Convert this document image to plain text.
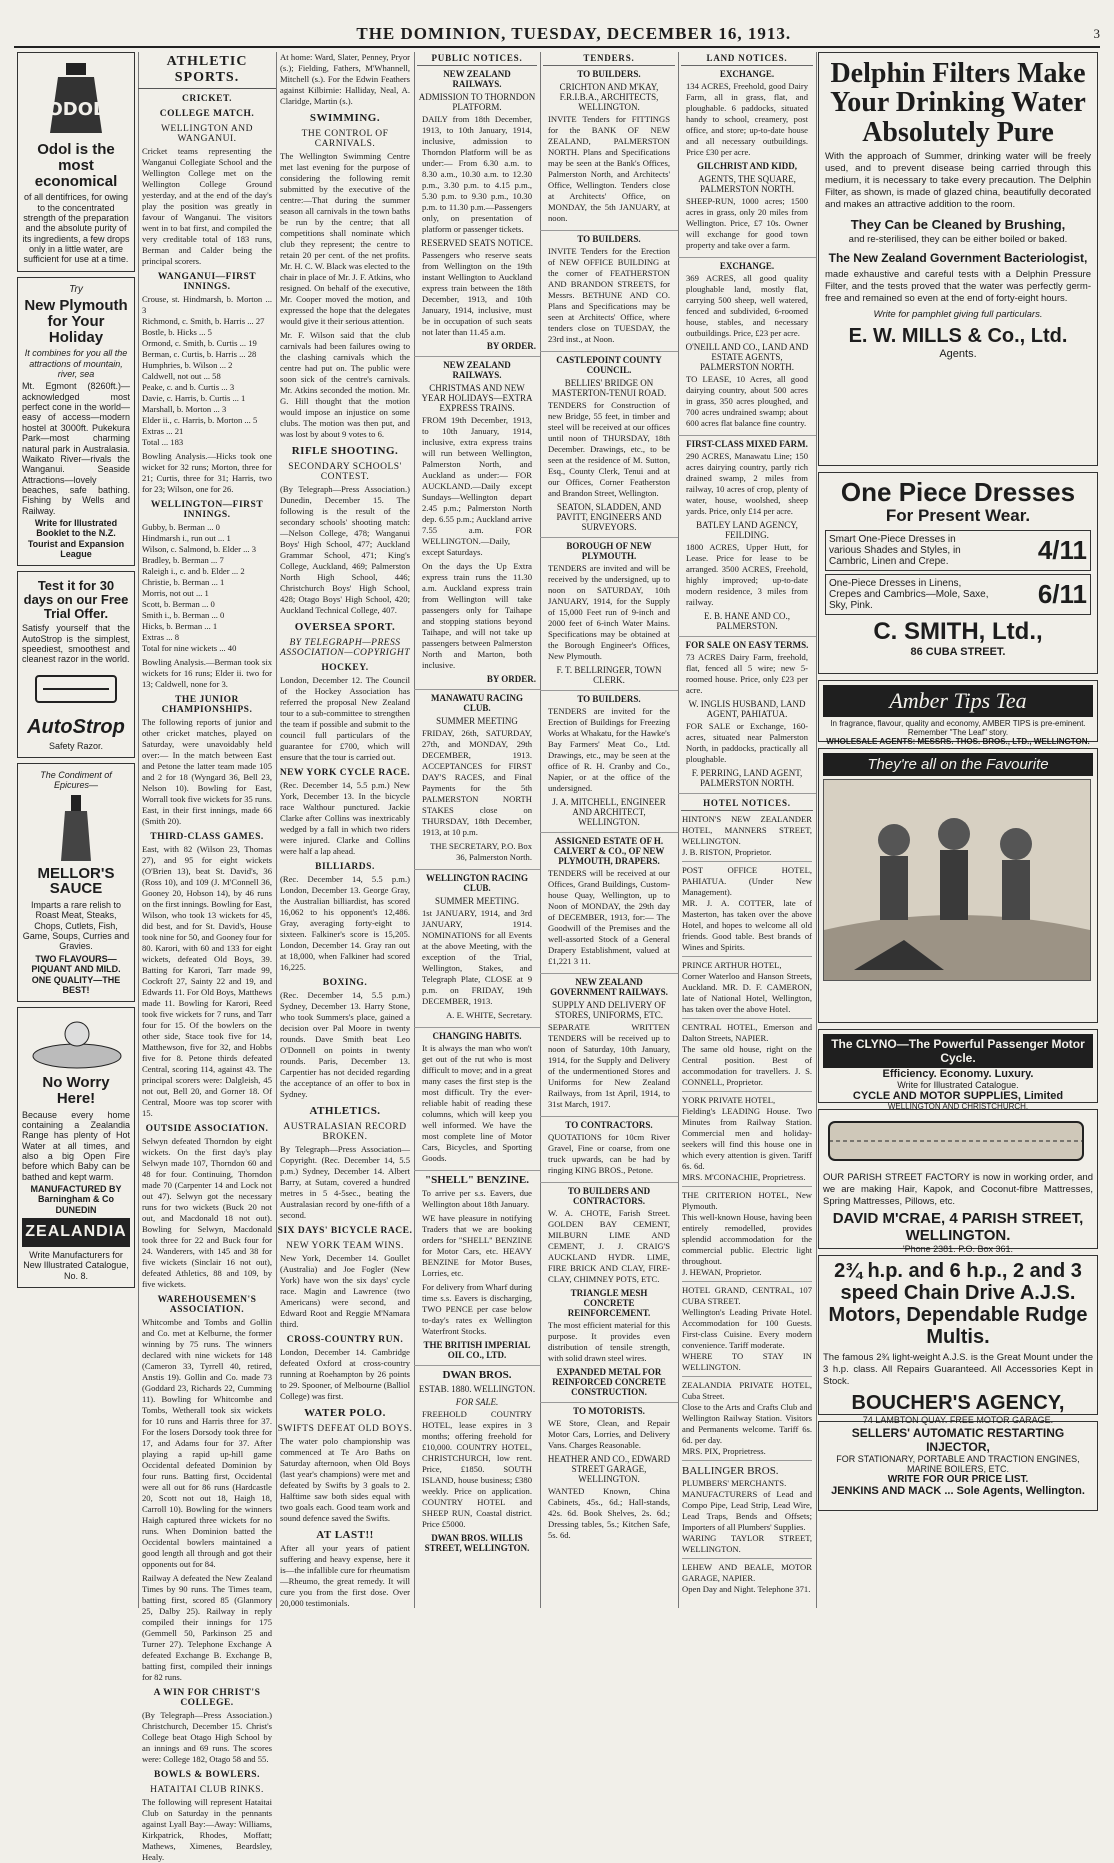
THE DOMINION, TUESDAY, DECEMBER 16, 1913.	3
ODOL
Odol is the most economical

of all dentifrices, for owing to the concentrated strength of the preparation and the absolute purity of its ingredients, a few drops only in a little water, are sufficient for use at a time.

Try

New Plymouth for Your Holiday

It combines for you all the attractions of mountain, river, sea

Mt. Egmont (8260ft.)—acknowledged most perfect cone in the world—easy of access—modern hostel at 3000ft. Pukekura Park—most charming natural park in Australasia. Waikato River—rivals the Wanganui. Seaside Attractions—lovely beaches, safe bathing. Fishing by Wells and Railway.

Write for Illustrated Booklet to the N.Z. Tourist and Expansion League

Test it for 30 days on our Free Trial Offer.

Satisfy yourself that the AutoStrop is the simplest, speediest, smoothest and cleanest razor in the world.

AutoStrop

Safety Razor.

The Condiment of Epicures—

MELLOR'S SAUCE

Imparts a rare relish to Roast Meat, Steaks, Chops, Cutlets, Fish, Game, Soups, Curries and Gravies.

TWO FLAVOURS—PIQUANT AND MILD. ONE QUALITY—THE BEST!

No Worry Here!

Because every home containing a Zealandia Range has plenty of Hot Water at all times, and also a big Open Fire before which Baby can be bathed and kept warm.

MANUFACTURED BY Barningham & Co DUNEDIN

ZEALANDIA

Write Manufacturers for New Illustrated Catalogue, No. 8.

ATHLETIC SPORTS.
CRICKET.
COLLEGE MATCH.
WELLINGTON AND WANGANUI.

Cricket teams representing the Wanganui Collegiate School and the Wellington College met on the Wellington College Ground yesterday, and at the end of the day's play the position was greatly in favour of Wanganui. The visitors went in to bat first, and compiled the very creditable total of 183 runs, Berman and Calder being the principal scorers.

WANGANUI—FIRST INNINGS.
Crouse, st. Hindmarsh, b. Morton ... 3
Richmond, c. Smith, b. Harris ... 27
Bostle, b. Hicks ... 5
Ormond, c. Smith, b. Curtis ... 19
Berman, c. Curtis, b. Harris ... 28
Humphries, b. Wilson ... 2
Caldwell, not out ... 58
Peake, c. and b. Curtis ... 3
Davie, c. Harris, b. Curtis ... 1
Marshall, b. Morton ... 3
Elder ii., c. Harris, b. Morton ... 5
Extras ... 21
Total ... 183

Bowling Analysis.—Hicks took one wicket for 32 runs; Morton, three for 21; Curtis, three for 31; Harris, two for 23; Wilson, one for 26.

WELLINGTON—FIRST INNINGS.
Gubby, b. Berman ... 0
Hindmarsh i., run out ... 1
Wilson, c. Salmond, b. Elder ... 3
Bradley, b. Berman ... 7
Raleigh i., c. and b. Elder ... 2
Christie, b. Berman ... 1
Morris, not out ... 1
Scott, b. Berman ... 0
Smith i., b. Berman ... 0
Hicks, b. Berman ... 1
Extras ... 8
Total for nine wickets ... 40

Bowling Analysis.—Berman took six wickets for 16 runs; Elder ii. two for 13; Caldwell, none for 3.

THE JUNIOR CHAMPIONSHIPS.

The following reports of junior and other cricket matches, played on Saturday, were unavoidably held over:— In the match between East and Petone the latter team made 105 and 2 for 18 (Wyngard 36, Bell 23, Nelson 10). Bowling for East, Worrall took five wickets for 35 runs. East, in their first innings, made 66 (Smith 20).

THIRD-CLASS GAMES.

East, with 82 (Wilson 23, Thomas 27), and 95 for eight wickets (O'Brien 13), beat St. David's, 36 (Ross 10), and 109 (J. M'Connell 36, Gooney 20, Hobson 14), by 46 runs on the first innings. Bowling for East, Wilson, who took 13 wickets for 45, did best, and for St. David's, House took nine for 50, and Gooney four for 80. Karori, with 60 and 133 for eight wickets, defeated Old Boys, 39. Batting for Karori, Tarr made 99, Cockroft 27, Sainty 22 and 19, and Edwards 11. For Old Boys, Matthews made 11. Bowling for Karori, Reed took five wickets for 7 runs, and Tarr four for 15. Of the bowlers on the other side, Stace took five for 14, Matthewson, five for 32, and Hobbs five for 8. Petone thirds defeated Central, scoring 114, against 43. The principal scorers were: Dalgleish, 45 not out, Bell 20, and Gorner 18. Of Central, Moore was top scorer with 15.

OUTSIDE ASSOCIATION.

Selwyn defeated Thorndon by eight wickets. On the first day's play Selwyn made 107, Thorndon 60 and 48 for four. Continuing, Thorndon made 70 (Carpenter 14 and Lock not out 47). Selwyn got the necessary runs for two wickets (Buck 20 not out, and Macdonald 18 not out). Bowling for Selwyn, Macdonald took three for 22 and Buck four for 24. Wanderers, with 145 and 38 for five wickets (Sinclair 16 not out), defeated Athletics, 88 and 109, by five wickets.

WAREHOUSEMEN'S ASSOCIATION.

Whitcombe and Tombs and Gollin and Co. met at Kelburne, the former winning by 75 runs. The winners declared with nine wickets for 148 (Cameron 33, Tyrrell 40, retired, Anstis 19). Gollin and Co. made 73 (Goddard 23, Richards 22, Cumming 11). Bowling for Whitcombe and Tombs, Wetherall took six wickets for 10 runs and Harris three for 37. For the losers Dorsody took three for 17, and Adams four for 37. After playing a rapid up-hill game Occidental defeated Dominion by four runs. Batting first, Occidental were all out for 86 runs (Hardcastle 20, Scott not out 18, Haigh 18, Carroll 10). Bowling for the winners Haigh captured three wickets for no runs. When Dominion batted the Occidental bowlers maintained a good length all through and got their opponents out for 84.

Railway A defeated the New Zealand Times by 90 runs. The Times team, batting first, scored 85 (Glanmory 25, Dalby 25). Railway in reply compiled their innings for 175 (Gemmell 50, Parkinson 25 and Turner 27). Telephone Exchange A defeated Exchange B. Exchange B, batting first, compiled their innings for 82 runs.

A WIN FOR CHRIST'S COLLEGE.

(By Telegraph—Press Association.) Christchurch, December 15. Christ's College beat Otago High School by an innings and 69 runs. The scores were: College 182, Otago 58 and 55.

BOWLS & BOWLERS.
HATAITAI CLUB RINKS.

The following will represent Hataitai Club on Saturday in the pennants against Lyall Bay:—Away: Williams, Kirkpatrick, Rhodes, Moffatt; Mathews, Ximenes, Beardsley, Healy.

At home: Ward, Slater, Penney, Pryor (s.); Fielding, Fathers, M'Whannell, Mitchell (s.). For the Edwin Feathers against Kilbirnie: Halliday, Neal, A. Claridge, Martin (s.).

SWIMMING.
THE CONTROL OF CARNIVALS.

The Wellington Swimming Centre met last evening for the purpose of considering the following remit submitted by the executive of the centre:—That during the summer season all carnivals in the town baths be run by the centre; that all competitions shall nominate which club they represent; the centre to retain 20 per cent. of the net profits. Mr. H. C. W. Black was elected to the chair in place of Mr. J. F. Atkins, who resigned. On behalf of the executive, Mr. Cooper moved the motion, and expressed the hope that the delegates would give it their serious attention.

Mr. F. Wilson said that the club carnivals had been failures owing to the clashing carnivals which the centre had put on. The public were soon sick of the centre's carnivals. Mr. Atkins seconded the motion. Mr. G. Hill thought that the motion would impose an injustice on some clubs. The motion was then put, and was lost by about 9 votes to 6.

RIFLE SHOOTING.
SECONDARY SCHOOLS' CONTEST.

(By Telegraph—Press Association.) Dunedin, December 15. The following is the result of the secondary schools' shooting match:—Nelson College, 478; Wanganui Boys' High School, 477; Auckland Grammar School, 471; King's College, Auckland, 469; Palmerston North High School, 446; Christchurch Boys' High School, 428; Otago Boys' High School, 420; Auckland Technical College, 407.

OVERSEA SPORT.
BY TELEGRAPH—PRESS ASSOCIATION—COPYRIGHT
HOCKEY.

London, December 12. The Council of the Hockey Association has referred the proposal New Zealand tour to a sub-committee to strengthen the team if possible and submit to the council full particulars of the guarantee for £700, which will ensure that the tour is carried out.

NEW YORK CYCLE RACE.

(Rec. December 14, 5.5 p.m.) New York, December 13. In the bicycle race Walthour punctured. Jackie Clarke after Collins was inextricably wedged by a fall in which two riders were injured. Clarke and Collins were half a lap ahead.

BILLIARDS.

(Rec. December 14, 5.5 p.m.) London, December 13. George Gray, the Australian billiardist, has scored 16,062 to his opponent's 12,486. Gray, averaging forty-eight to sixteen. Falkiner's score is 15,205. London, December 14. Gray ran out at 18,000, when Falkiner had scored 16,225.

BOXING.

(Rec. December 14, 5.5 p.m.) Sydney, December 13. Harry Stone, who took Summers's place, gained a decision over Pal Moore in twenty rounds. Dave Smith beat Leo O'Donnell on points in twenty rounds. Paris, December 13. Carpentier has not decided regarding the acceptance of an offer to box in Sydney.

ATHLETICS.
AUSTRALASIAN RECORD BROKEN.

By Telegraph—Press Association—Copyright. (Rec. December 14, 5.5 p.m.) Sydney, December 14. Albert Barry, at Sutam, covered a hundred metres in 5 4-5sec., beating the Australasian record by one-fifth of a second.

SIX DAYS' BICYCLE RACE.
NEW YORK TEAM WINS.

New York, December 14. Goullet (Australia) and Joe Fogler (New York) have won the six days' cycle race. Magin and Lawrence (two Americans) were second, and Edward Root and Reggie M'Namara third.

CROSS-COUNTRY RUN.

London, December 14. Cambridge defeated Oxford at cross-country running at Roehampton by 26 points to 29. Spooner, of Melbourne (Balliol College) was first.

WATER POLO.
SWIFTS DEFEAT OLD BOYS.

The water polo championship was commenced at Te Aro Baths on Saturday afternoon, when Old Boys (last year's champions) were met and defeated by Swifts by 3 goals to 2. Halftime saw both sides equal with two goals each. Good team work and sound defence saved the Swifts.

AT LAST!!

After all your years of patient suffering and heavy expense, here it is—the infallible cure for rheumatism—Rheumo, the great remedy. It will cure you from the first dose. Over 20,000 testimonials.

PUBLIC NOTICES.
NEW ZEALAND RAILWAYS.
ADMISSION TO THORNDON PLATFORM.

DAILY from 18th December, 1913, to 10th January, 1914, inclusive, admission to Thorndon Platform will be as under:— From 6.30 a.m. to 8.30 a.m., 10.30 a.m. to 12.30 p.m., 3.30 p.m. to 4.15 p.m., 5.30 p.m. to 9.30 p.m., 10.30 p.m. to 11.30 p.m.—Passengers only, on presentation of platform or passenger tickets.

RESERVED SEATS NOTICE.

Passengers who reserve seats from Wellington on the 19th instant Wellington to Auckland express train between the 18th December, 1913, and 10th January, 1914, inclusive, must be in occupation of such seats not later than 11.45 a.m.

BY ORDER.
NEW ZEALAND RAILWAYS.
CHRISTMAS AND NEW YEAR HOLIDAYS—EXTRA EXPRESS TRAINS.

FROM 19th December, 1913, to 10th January, 1914, inclusive, extra express trains will run between Wellington, Palmerston North, and Auckland as under:— FOR AUCKLAND.—Daily except Sundays—Wellington depart 2.45 p.m.; Palmerston North dep. 6.55 p.m.; Auckland arrive 7.55 a.m. FOR WELLINGTON.—Daily, except Saturdays.

On the days the Up Extra express train runs the 11.30 a.m. Auckland express train from Wellington will take passengers only for Taihape and stopping stations beyond Taihape, and will not take up passengers between Palmerston North and Marton, both inclusive.

BY ORDER.
MANAWATU RACING CLUB.
SUMMER MEETING

FRIDAY, 26th, SATURDAY, 27th, and MONDAY, 29th DECEMBER, 1913. ACCEPTANCES for FIRST DAY'S RACES, and Final Payments for the 5th PALMERSTON NORTH STAKES close on THURSDAY, 18th December, 1913, at 10 p.m.

THE SECRETARY, P.O. Box 36, Palmerston North.

WELLINGTON RACING CLUB.
SUMMER MEETING.

1st JANUARY, 1914, and 3rd JANUARY, 1914. NOMINATIONS for all Events at the above Meeting, with the exception of the Trial, Wellington, Stakes, and Telegraph Plate, CLOSE at 9 p.m. on FRIDAY, 19th DECEMBER, 1913.

A. E. WHITE, Secretary.

CHANGING HABITS.

It is always the man who won't get out of the rut who is most difficult to move; and in a great many cases the first step is the most difficult. Try the ever-reliable habit of reading these columns, which will keep you well informed. We have the most complete line of Motor Cars, Bicycles, and Sporting Goods.

"SHELL" BENZINE.

To arrive per s.s. Eavers, due Wellington about 18th January.

WE have pleasure in notifying Traders that we are booking orders for "SHELL" BENZINE for Motor Cars, etc. HEAVY BENZINE for Motor Buses, Lorries, etc.

For delivery from Wharf during time s.s. Eavers is discharging, TWO PENCE per case below to-day's rates ex Wellington Waterfront Stocks.

THE BRITISH IMPERIAL OIL CO., LTD.
DWAN BROS.
ESTAB. 1880. WELLINGTON.
FOR SALE.

FREEHOLD COUNTRY HOTEL, lease expires in 3 months; offering freehold for £10,000. COUNTRY HOTEL, CHRISTCHURCH, low rent. Price, £1850. SOUTH ISLAND, house business; £380 weekly. Price on application. COUNTRY HOTEL and SHEEP RUN, Coastal district. Price £5000.

DWAN BROS. WILLIS STREET, WELLINGTON.
TENDERS.
TO BUILDERS.
CRICHTON AND M'KAY, F.R.I.B.A., ARCHITECTS, WELLINGTON.

INVITE Tenders for FITTINGS for the BANK OF NEW ZEALAND, PALMERSTON NORTH. Plans and Specifications may be seen at the Bank's Offices, Palmerston North, and Architects' Office, Wellington. Tenders close at Architects' Office, on MONDAY, the 5th JANUARY, at noon.

TO BUILDERS.

INVITE Tenders for the Erection of NEW OFFICE BUILDING at the corner of FEATHERSTON AND BRANDON STREETS, for Messrs. BETHUNE AND CO. Plans and Specifications may be seen at Architects' Office, where tenders close on TUESDAY, the 23rd inst., at Noon.

CASTLEPOINT COUNTY COUNCIL.
BELLIES' BRIDGE ON MASTERTON-TENUI ROAD.

TENDERS for Construction of new Bridge, 55 feet, in timber and steel will be received at our offices until noon of THURSDAY, 18th December. Drawings, etc., to be seen at the residence of M. Sutton, Esq., County Clerk, Tenui and at our Offices, Corner Featherston and Brandon Street, Wellington.

SEATON, SLADDEN, AND PAVITT, ENGINEERS AND SURVEYORS.
BOROUGH OF NEW PLYMOUTH.

TENDERS are invited and will be received by the undersigned, up to noon on SATURDAY, 10th JANUARY, 1914, for the Supply of 15,000 Feet run of 9-inch and 2000 feet of 6-inch Water Mains. Specifications may be obtained at the Borough Engineer's Offices, New Plymouth.

F. T. BELLRINGER, TOWN CLERK.
TO BUILDERS.

TENDERS are invited for the Erection of Buildings for Freezing Works at Whakatu, for the Hawke's Bay Farmers' Meat Co., Ltd. Drawings, etc., may be seen at the office of R. H. Cranby and Co., Napier, or at the office of the undersigned.

J. A. MITCHELL, ENGINEER AND ARCHITECT, WELLINGTON.
ASSIGNED ESTATE OF H. CALVERT & CO., OF NEW PLYMOUTH, DRAPERS.

TENDERS will be received at our Offices, Grand Buildings, Custom-house Quay, Wellington, up to Noon of MONDAY, the 29th day of DECEMBER, 1913, for:— The Goodwill of the Premises and the well-assorted Stock of a General Drapery Establishment, valued at £1,221 3 11.

NEW ZEALAND GOVERNMENT RAILWAYS.
SUPPLY AND DELIVERY OF STORES, UNIFORMS, ETC.

SEPARATE WRITTEN TENDERS will be received up to noon of Saturday, 10th January, 1914, for the Supply and Delivery of the undermentioned Stores and Uniforms for New Zealand Railways, from 1st April, 1914, to 31st March, 1917.

TO CONTRACTORS.

QUOTATIONS for 10cm River Gravel, Fine or coarse, from one truck upwards, can be had by ringing KING BROS., Petone.

TO BUILDERS AND CONTRACTORS.

W. A. CHOTE, Farish Street. GOLDEN BAY CEMENT, MILBURN LIME AND CEMENT, J. J. CRAIG'S AUCKLAND HYDR. LIME, FIRE BRICK AND CLAY, FIRE-CLAY, CHIMNEY POTS, ETC.

TRIANGLE MESH CONCRETE REINFORCEMENT.

The most efficient material for this purpose. It provides even distribution of tensile strength, with solid drawn steel wires.

EXPANDED METAL FOR REINFORCED CONCRETE CONSTRUCTION.
TO MOTORISTS.

WE Store, Clean, and Repair Motor Cars, Lorries, and Delivery Vans. Charges Reasonable.

HEATHER AND CO., EDWARD STREET GARAGE, WELLINGTON.

WANTED Known, China Cabinets, 45s., 6d.; Hall-stands, 42s. 6d. Book Shelves, 2s. 6d.; Dressing tables, 5s.; Kitchen Safe, 5s. 6d.

LAND NOTICES.
EXCHANGE.

134 ACRES, Freehold, good Dairy Farm, all in grass, flat, and ploughable. 6 paddocks, situated handy to school, creamery, post office, and store; up-to-date house and all necessary outbuildings. Price £30 per acre.

GILCHRIST AND KIDD,
AGENTS, THE SQUARE, PALMERSTON NORTH.

SHEEP-RUN, 1000 acres; 1500 acres in grass, only 20 miles from Wellington. Price, £7 10s. Owner will exchange for good town property and take over a farm.

EXCHANGE.

369 ACRES, all good quality ploughable land, mostly flat, carrying 500 sheep, well watered, fenced and subdivided, 6-roomed house, stables, and necessary outbuildings. Price, £23 per acre.

O'NEILL AND CO., LAND AND ESTATE AGENTS, PALMERSTON NORTH.

TO LEASE, 10 Acres, all good dairying country, about 500 acres in grass, 350 acres ploughed, and 700 acres undrained swamp; about 600 acres flat balance fine country.

FIRST-CLASS MIXED FARM.

290 ACRES, Manawatu Line; 150 acres dairying country, partly rich drained swamp, 2 miles from railway, 10 acres of crop, plenty of water, house, woolshed, sheep yards. Price, only £14 per acre.

BATLEY LAND AGENCY, FEILDING.

1800 ACRES, Upper Hutt, for Lease. Price for lease to be arranged. 3500 ACRES, Freehold, highly improved; up-to-date modern residence, 3 miles from railway.

E. B. HANE AND CO., PALMERSTON.
FOR SALE ON EASY TERMS.

73 ACRES Dairy Farm, freehold, flat, fenced all 5 wire; new 5-roomed house. Price, only £23 per acre.

W. INGLIS HUSBAND, LAND AGENT, PAHIATUA.

FOR SALE or Exchange, 160-acres, situated near Palmerston North, in paddocks, practically all ploughable.

F. PERRING, LAND AGENT, PALMERSTON NORTH.
HOTEL NOTICES.
HINTON'S NEW ZEALANDER HOTEL, MANNERS STREET, WELLINGTON.
J. B. RISTON, Proprietor.
POST OFFICE HOTEL, PAHIATUA. (Under New Management).

MR. J. A. COTTER, late of Masterton, has taken over the above Hotel, and hopes to welcome all old friends. Good table. Best brands of Wines and Spirits.

PRINCE ARTHUR HOTEL,

Corner Waterloo and Hanson Streets, Auckland. MR. D. F. CAMERON, late of National Hotel, Wellington, has taken over the above Hotel.

CENTRAL HOTEL, Emerson and Dalton Streets, NAPIER.

The same old house, right on the Central position. Best of accommodation for travellers. J. S. CONNELL, Proprietor.

YORK PRIVATE HOTEL,

Fielding's LEADING House. Two Minutes from Railway Station. Commercial men and holiday-seekers will find this house one in which every attention is given. Tariff 6s. 6d.

MRS. M'CONACHIE, Proprietress.
THE CRITERION HOTEL, New Plymouth.

This well-known House, having been entirely remodelled, provides splendid accommodation for the commercial public. Electric light throughout.

J. HEWAN, Proprietor.
HOTEL GRAND, CENTRAL, 107 CUBA STREET.

Wellington's Leading Private Hotel. Accommodation for 100 Guests. First-class Cuisine. Every modern convenience. Tariff moderate.

WHERE TO STAY IN WELLINGTON.
ZEALANDIA PRIVATE HOTEL, Cuba Street.

Close to the Arts and Crafts Club and Wellington Railway Station. Visitors and Permanents welcome. Tariff 6s. 6d. per day.

MRS. PIX, Proprietress.
BALLINGER BROS.
PLUMBERS' MERCHANTS.

MANUFACTURERS of Lead and Compo Pipe, Lead Strip, Lead Wire, Lead Traps, Bends and Offsets; Importers of all Plumbers' Supplies.

WARING TAYLOR STREET, WELLINGTON.
LEHEW AND BEALE, MOTOR GARAGE, NAPIER.

Open Day and Night. Telephone 371.

Delphin Filters Make Your Drinking Water Absolutely Pure
With the approach of Summer, drinking water will be freely used, and to prevent disease being carried through this medium, it is necessary to take every precaution. The Delphin Filter, as shown, is made of glazed china, beautifully decorated and makes an attractive addition to the room.
They Can be Cleaned by Brushing,
and re-sterilised, they can be either boiled or baked.
The New Zealand Government Bacteriologist,
made exhaustive and careful tests with a Delphin Pressure Filter, and the tests proved that the water was perfectly germ-free and remained so even at the end of forty-eight hours.
Write for pamphlet giving full particulars.
E. W. MILLS & Co., Ltd.
Agents.
One Piece Dresses
For Present Wear.
Smart One-Piece Dresses in various Shades and Styles, in Cambric, Linen and Crepe.	4/11
One-Piece Dresses in Linens, Crepes and Cambrics—Mole, Saxe, Sky, Pink.	6/11
C. SMITH, Ltd.,
86 CUBA STREET.
Amber Tips Tea
In fragrance, flavour, quality and economy, AMBER TIPS is pre-eminent. Remember "The Leaf" story.
WHOLESALE AGENTS: MESSRS. THOS. BROS., LTD., WELLINGTON.
They're all on the Favourite
The CLYNO—The Powerful Passenger Motor Cycle.
Efficiency. Economy. Luxury.
Write for Illustrated Catalogue.
CYCLE AND MOTOR SUPPLIES, Limited
WELLINGTON AND CHRISTCHURCH.
OUR PARISH STREET FACTORY is now in working order, and we are making Hair, Kapok, and Coconut-fibre Mattresses, Spring Mattresses, Pillows, etc.
DAVID M'CRAE, 4 PARISH STREET, WELLINGTON.
'Phone 2381. P.O. Box 361.
2¾ h.p. and 6 h.p., 2 and 3 speed Chain Drive A.J.S. Motors, Dependable Rudge Multis.
The famous 2¾ light-weight A.J.S. is the Great Mount under the 3 h.p. class. All Repairs Guaranteed. All Accessories Kept in Stock.
BOUCHER'S AGENCY,
74 LAMBTON QUAY. FREE MOTOR GARAGE.
SELLERS' AUTOMATIC RESTARTING INJECTOR,
FOR STATIONARY, PORTABLE AND TRACTION ENGINES, MARINE BOILERS, ETC.
WRITE FOR OUR PRICE LIST.
JENKINS AND MACK ... Sole Agents, Wellington.
